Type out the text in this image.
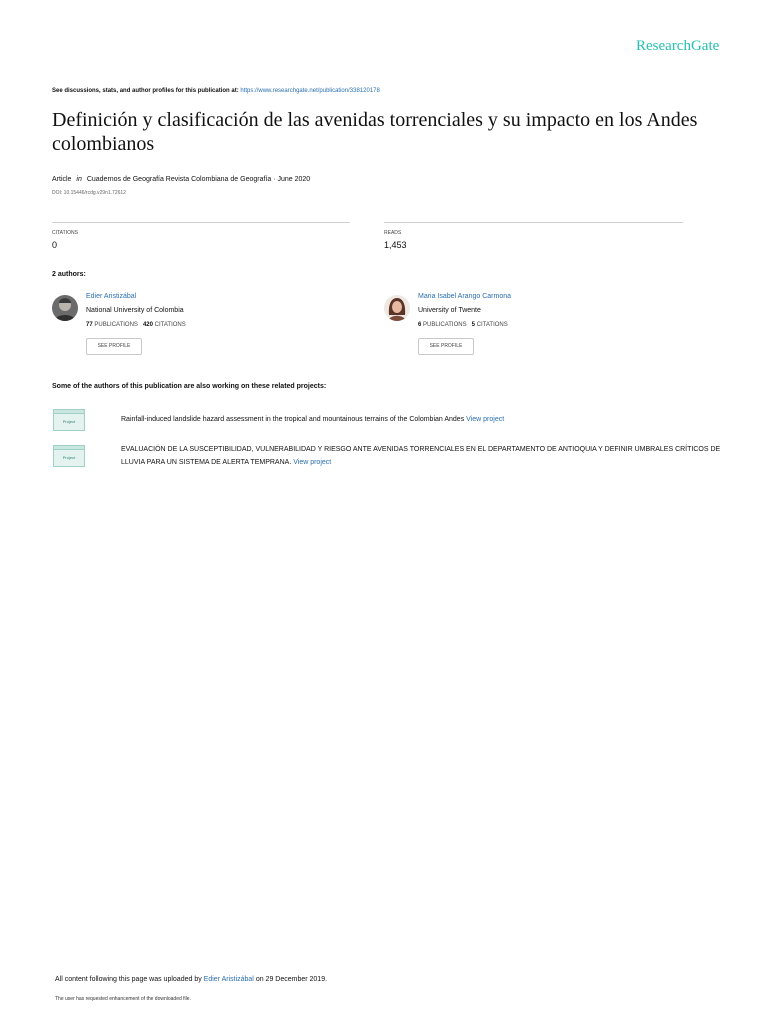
ResearchGate
See discussions, stats, and author profiles for this publication at: https://www.researchgate.net/publication/338120178
Definición y clasificación de las avenidas torrenciales y su impacto en los Andes colombianos
Article in Cuadernos de Geografía Revista Colombiana de Geografía · June 2020
DOI: 10.15446/rcdg.v29n1.72612
CITATIONS
0
READS
1,453
2 authors:
Edier Aristizábal
National University of Colombia
77 PUBLICATIONS 420 CITATIONS
SEE PROFILE
Maria Isabel Arango Carmona
University of Twente
6 PUBLICATIONS 5 CITATIONS
SEE PROFILE
Some of the authors of this publication are also working on these related projects:
Project	Rainfall-induced landslide hazard assessment in the tropical and mountainous terrains of the Colombian Andes View project
Project
EVALUACIÓN DE LA SUSCEPTIBILIDAD, VULNERABILIDAD Y RIESGO ANTE AVENIDAS TORRENCIALES EN EL DEPARTAMENTO DE ANTIOQUIA Y DEFINIR UMBRALES CRÍTICOS DE LLUVIA PARA UN SISTEMA DE ALERTA TEMPRANA. View project
All content following this page was uploaded by Edier Aristizábal on 29 December 2019.
The user has requested enhancement of the downloaded file.
